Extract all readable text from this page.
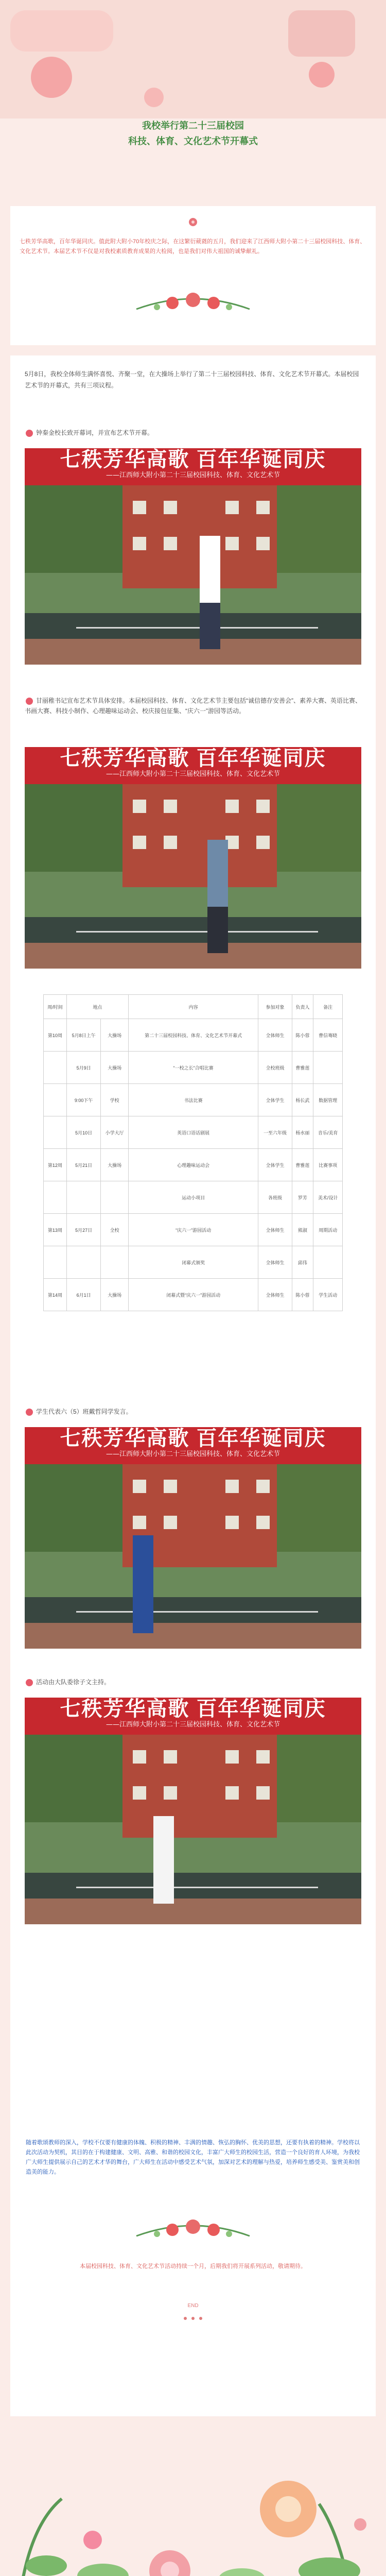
我校举行第二十三届校园
科技、体育、文化艺术节开幕式
七秩芳华高歌，百年华诞同庆。值此附大附小70年校庆之际，在这繁衍葳蕤的五月，我们迎来了江西师大附小第二十三届校园科技、体育、文化艺术节。本届艺术节不仅是对我校素质教育成果的大检阅，也是我们对伟大祖国的诚挚献礼。
5月8日，我校全体师生满怀喜悦、齐聚一堂，在大操场上举行了第二十三届校园科技、体育、文化艺术节开幕式。本届校园艺术节的开幕式，共有三项议程。
钟秦金校长致开幕词，并宣布艺术节开幕。
七秩芳华高歌 百年华诞同庆
——江西师大附小第二十三届校园科技、体育、文化艺术节
甘丽稚书记宣布艺术节具体安排。本届校园科技、体育、文化艺术节主要包括“诚信德存安善会”、素养大赛、英语比赛、书画大赛、科技小制作、心理趣味运动会、校庆接包征集、“庆六一”游园等活动。
七秩芳华高歌 百年华诞同庆
——江西师大附小第二十三届校园科技、体育、文化艺术节
周/时间	地点		内容	参加对象	负责人	备注
第10周	5月8日上午	大操场	第二十三届校园科技、体育、文化艺术节开幕式	全体师生	陈小蓉	曹信骞晓
	5月9日	大操场	“一校之长”合唱比赛	全校班级	曹雅莲	
	9:00下午	学校	书法比赛	全体学生	杨长武	数据管理
	5月10日	小学大厅	英语口语话剧展	一至六年级	杨水丽	音乐/美育
第12周	5月21日	大操场	心理趣味运动会	全体学生	曹雅莲	比赛事项
			运动小项目	各班级	罗芳	美术/设计
第13周	5月27日	全校	“庆六一”游园活动	全体师生	熊淑	周期活动
			闭幕式颁奖	全体师生	邱伟	
第14周	6月1日	大操场	闭幕式暨“庆六一”游园活动	全体师生	陈小蓉	学生活动
学生代表六（5）班戴哲同学发言。
七秩芳华高歌 百年华诞同庆
——江西师大附小第二十三届校园科技、体育、文化艺术节
活动由大队委徐子文主持。
七秩芳华高歌 百年华诞同庆
——江西师大附小第二十三届校园科技、体育、文化艺术节
随着歌颂教师的深入，学校不仅要有健康的体魄、积极的精神、丰满的情趣、恢弘的胸怀、优美的思想，还要有执着的精神。学校将以此次活动为契机，其目的在于构建健康、文明、高雅、和谐的校园文化，丰富广大师生的校园生活，营造一个良好的育人环境，为我校广大师生提供展示自己的艺术才华的舞台，广大师生在活动中感受艺术气氛，加深对艺术的理解与热爱，培养师生感受美、鉴赏美和创造美的能力。
本届校园科技、体育、文化艺术节活动持续一个月，后期我们将开展系列活动，敬请期待。
END
